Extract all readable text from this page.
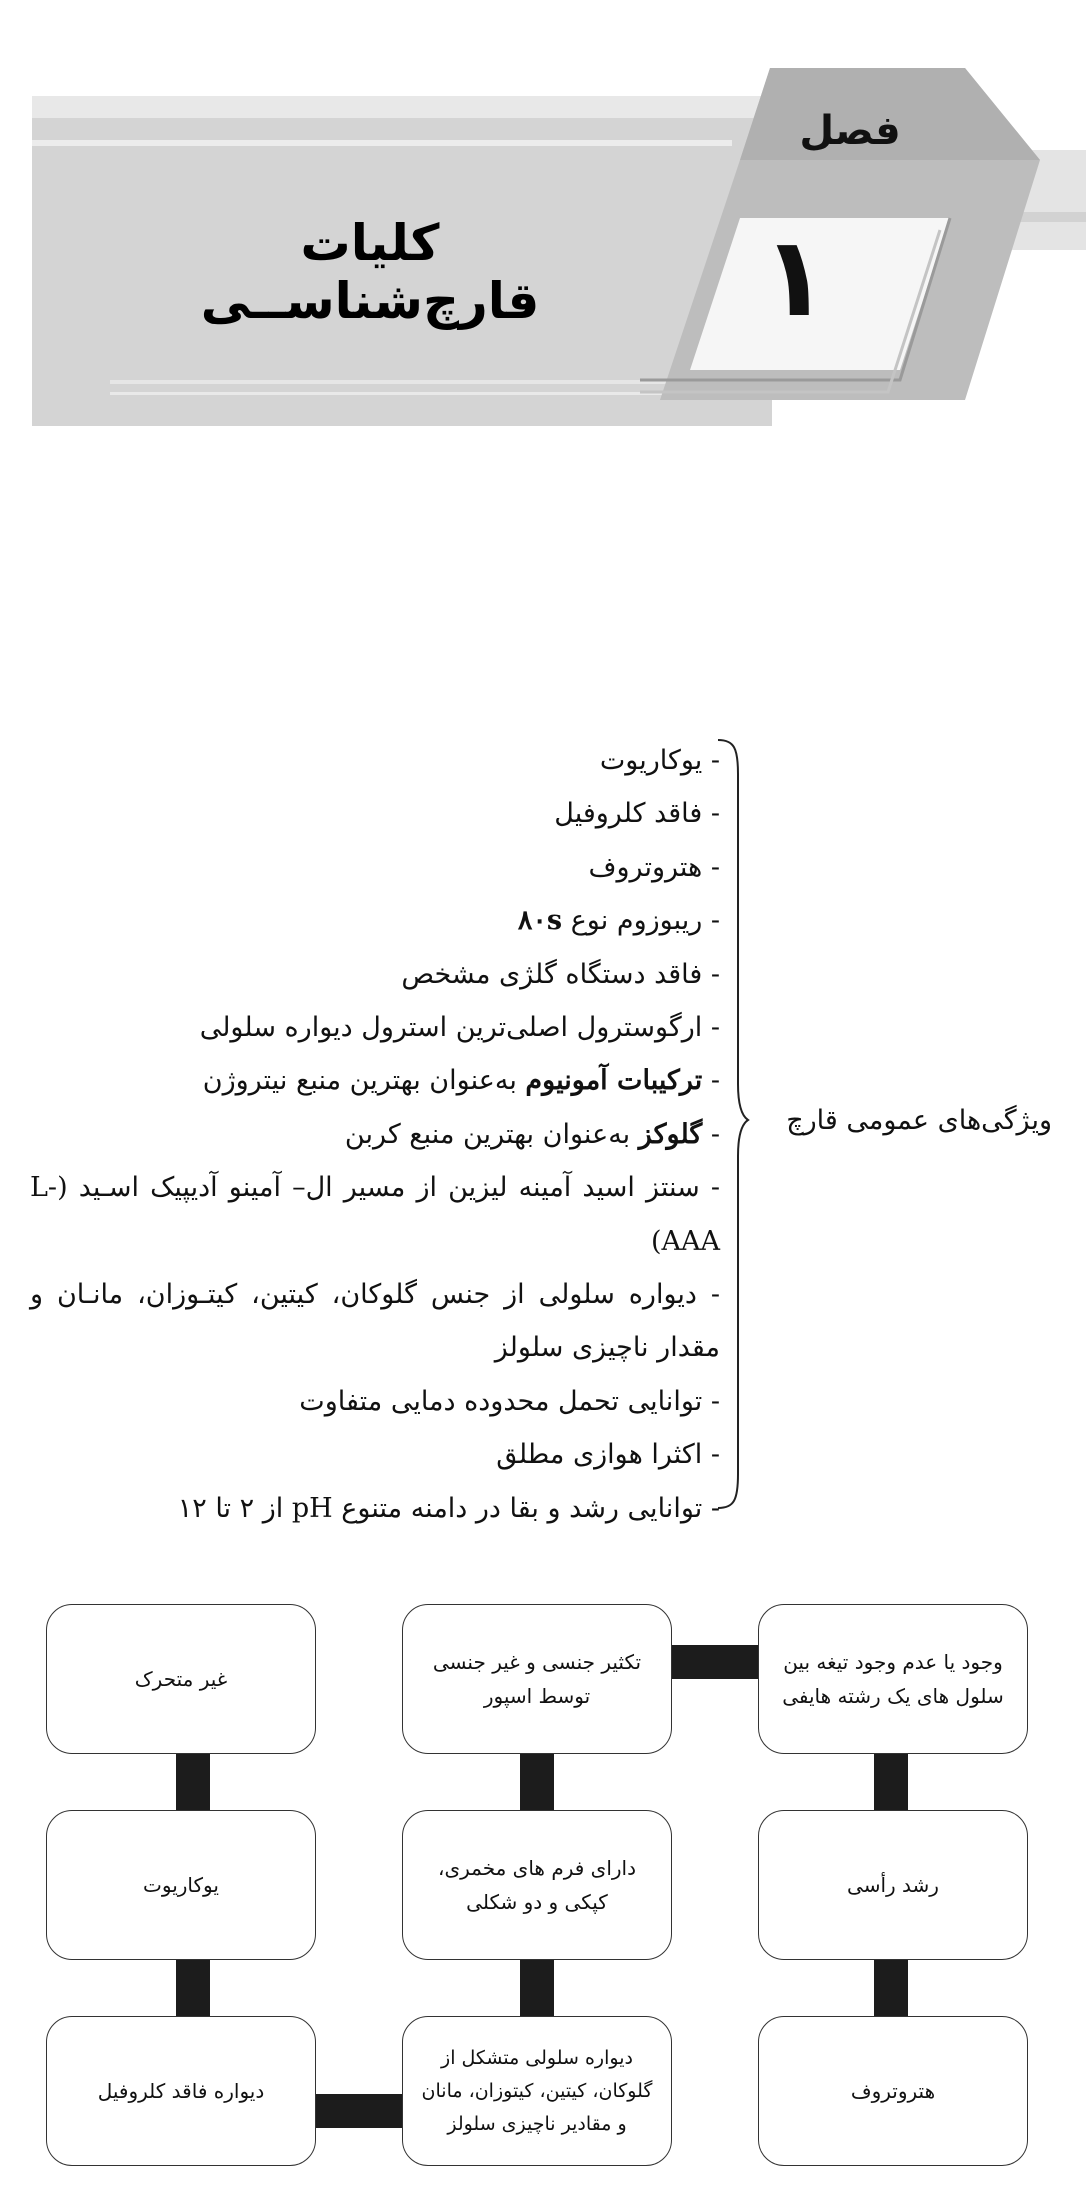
فصل
۱
کلیات قارچ‌شناســی
ویژگی‌های عمومی قارچ
- یوکاریوت
- فاقد کلروفیل
- هتروتروف
- ریبوزوم نوع ۸۰s
- فاقد دستگاه گلژی مشخص
- ارگوسترول اصلی‌ترین استرول دیواره سلولی
- ترکیبات آمونیوم به‌عنوان بهترین منبع نیتروژن
- گلوکز به‌عنوان بهترین منبع کربن
- سنتز اسید آمینه لیزین از مسیر ال– آمینو آدیپیک اسـید (L-AAA)
- دیواره سلولی از جنس گلوکان، کیتین، کیتـوزان، مانـان و مقدار ناچیزی سلولز
- توانایی تحمل محدوده دمایی متفاوت
- اکثرا هوازی مطلق
- توانایی رشد و بقا در دامنه متنوع pH از ۲ تا ۱۲
وجود یا عدم وجود تیغه بین سلول های یک رشته هایفی
رشد رأسی
هتروتروف
تکثیر جنسی و غیر جنسی توسط اسپور
دارای فرم های مخمری، کپکی و دو شکلی
دیواره سلولی متشکل از گلوکان، کیتین، کیتوزان، مانان و مقادیر ناچیزی سلولز
غیر متحرک
یوکاریوت
دیواره فاقد کلروفیل
